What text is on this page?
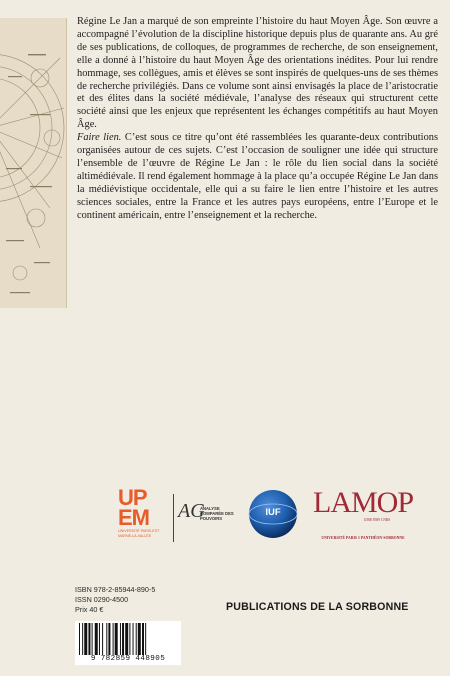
Régine Le Jan a marqué de son empreinte l’histoire du haut Moyen Âge. Son œuvre a accompagné l’évolution de la discipline historique depuis plus de quarante ans. Au gré de ses publications, de colloques, de programmes de recherche, de son enseignement, elle a donné à l’histoire du haut Moyen Âge des orientations inédites. Pour lui rendre hommage, ses collègues, amis et élèves se sont inspirés de quelques-uns de ses thèmes de recherche privilégiés. Dans ce volume sont ainsi envisagés la place de l’aristocratie et des élites dans la société médiévale, l’analyse des réseaux qui structurent cette société ainsi que les enjeux que représentent les échanges compétitifs au haut Moyen Âge.

Faire lien. C’est sous ce titre qu’ont été rassemblées les quarante-deux contributions organisées autour de ces sujets. C’est l’occasion de souligner une idée qui structure l’ensemble de l’œuvre de Régine Le Jan : le rôle du lien social dans la société altimédiévale. Il rend également hommage à la place qu’a occupée Régine Le Jan dans la médiévistique occidentale, elle qui a su faire le lien entre l’histoire et les autres sciences sociales, entre la France et les autres pays européens, entre l’Europe et le continent américain, entre l’enseignement et la recherche.

UP
EM
UNIVERSITÉ PARIS-EST MARNE-LA-VALLÉE
AG
ANALYSE COMPARÉE DES POUVOIRS
IUF	LAMOP
UMR 8589 CNRS
UNIVERSITÉ PARIS 1 PANTHÉON-SORBONNE
ISBN 978-2-85944-890-5
ISSN 0290-4500
Prix 40 €	PUBLICATIONS DE LA SORBONNE
9 782859 448905
